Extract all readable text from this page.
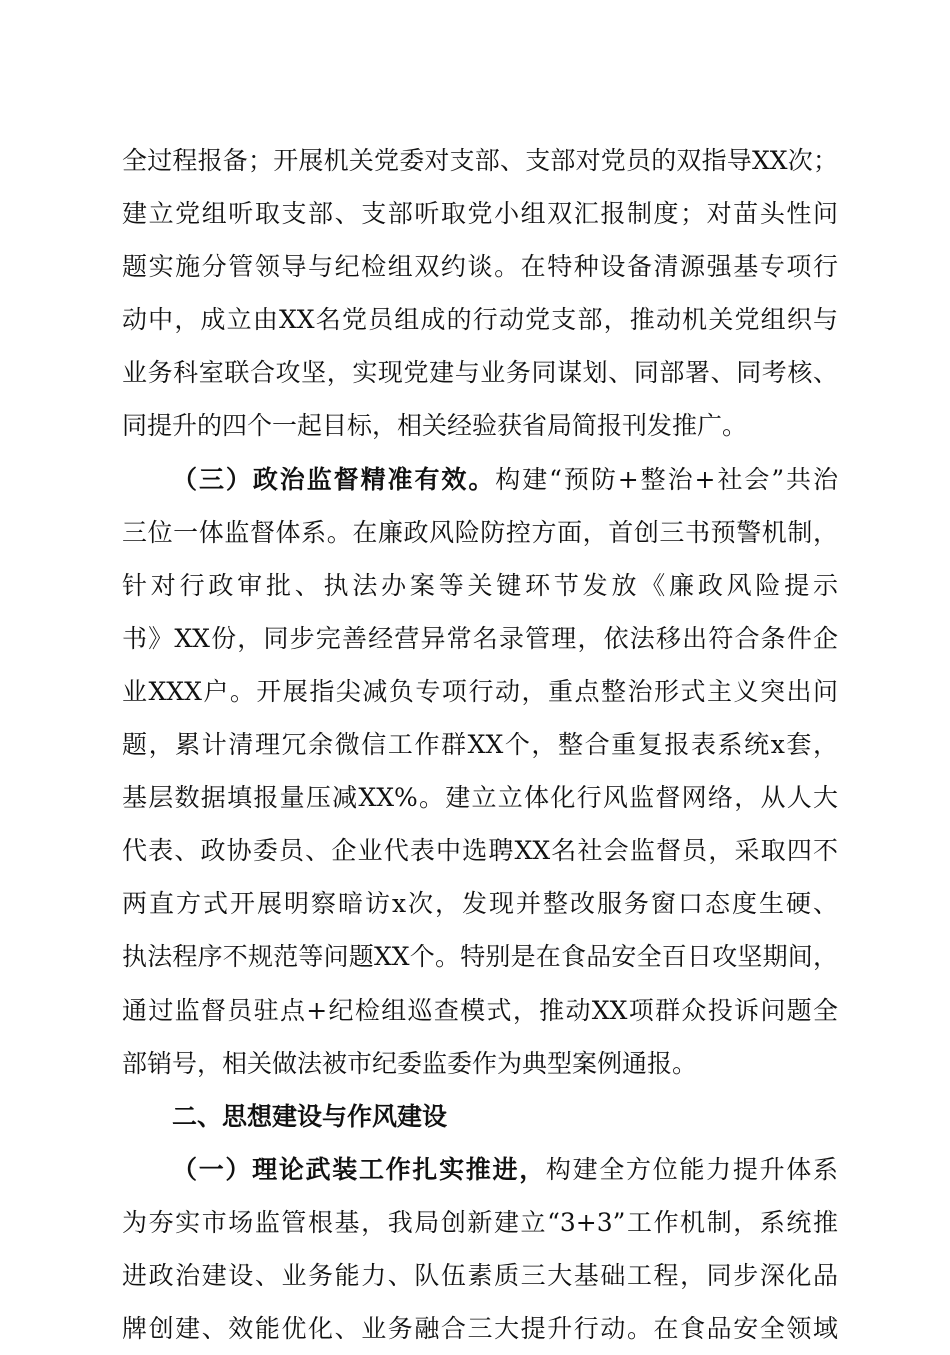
全过程报备；开展机关党委对支部、支部对党员的双指导XX次；
建立党组听取支部、支部听取党小组双汇报制度；对苗头性问
题实施分管领导与纪检组双约谈。在特种设备清源强基专项行
动中，成立由XX名党员组成的行动党支部，推动机关党组织与
业务科室联合攻坚，实现党建与业务同谋划、同部署、同考核、
同提升的四个一起目标，相关经验获省局简报刊发推广。
（三）政治监督精准有效。构建“预防+整治+社会”共治
三位一体监督体系。在廉政风险防控方面，首创三书预警机制，
针对行政审批、执法办案等关键环节发放《廉政风险提示
书》XX份，同步完善经营异常名录管理，依法移出符合条件企
业XXX户。开展指尖减负专项行动，重点整治形式主义突出问
题，累计清理冗余微信工作群XX个，整合重复报表系统x套，
基层数据填报量压减XX%。建立立体化行风监督网络，从人大
代表、政协委员、企业代表中选聘XX名社会监督员，采取四不
两直方式开展明察暗访x次，发现并整改服务窗口态度生硬、
执法程序不规范等问题XX个。特别是在食品安全百日攻坚期间，
通过监督员驻点+纪检组巡查模式，推动XX项群众投诉问题全
部销号，相关做法被市纪委监委作为典型案例通报。
二、思想建设与作风建设
（一）理论武装工作扎实推进，构建全方位能力提升体系
为夯实市场监管根基，我局创新建立“3+3”工作机制，系统推
进政治建设、业务能力、队伍素质三大基础工程，同步深化品
牌创建、效能优化、业务融合三大提升行动。在食品安全领域
